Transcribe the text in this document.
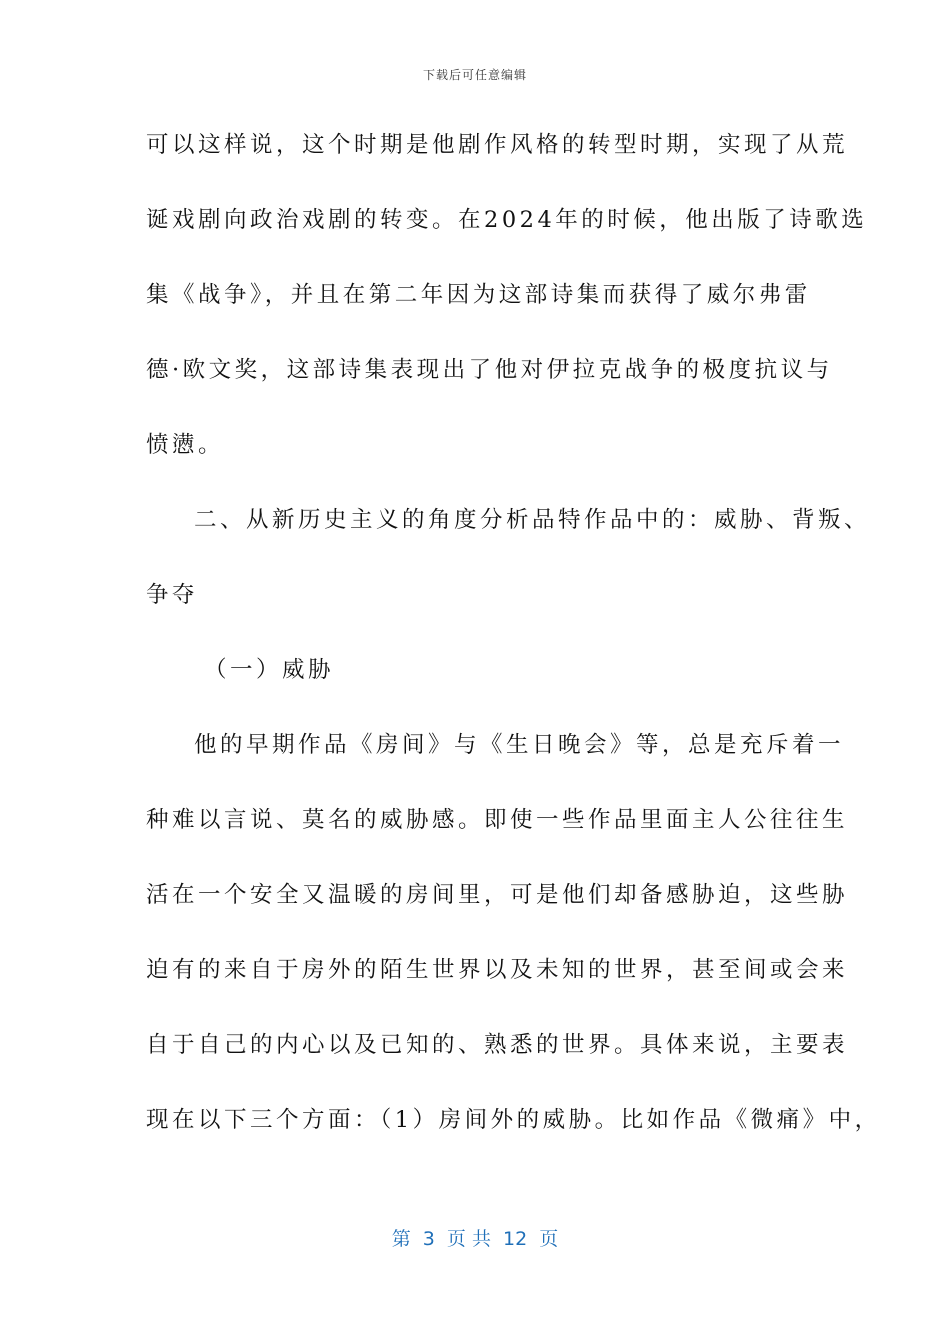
下载后可任意编辑
可以这样说，这个时期是他剧作风格的转型时期，实现了从荒
诞戏剧向政治戏剧的转变。在2024年的时候，他出版了诗歌选
集《战争》，并且在第二年因为这部诗集而获得了威尔弗雷
德·欧文奖，这部诗集表现出了他对伊拉克战争的极度抗议与
愤懑。
二、从新历史主义的角度分析品特作品中的：威胁、背叛、
争夺
（一）威胁
他的早期作品《房间》与《生日晚会》等，总是充斥着一
种难以言说、莫名的威胁感。即使一些作品里面主人公往往生
活在一个安全又温暖的房间里，可是他们却备感胁迫，这些胁
迫有的来自于房外的陌生世界以及未知的世界，甚至间或会来
自于自己的内心以及已知的、熟悉的世界。具体来说，主要表
现在以下三个方面：（1）房间外的威胁。比如作品《微痛》中，
第  3  页 共  12  页
